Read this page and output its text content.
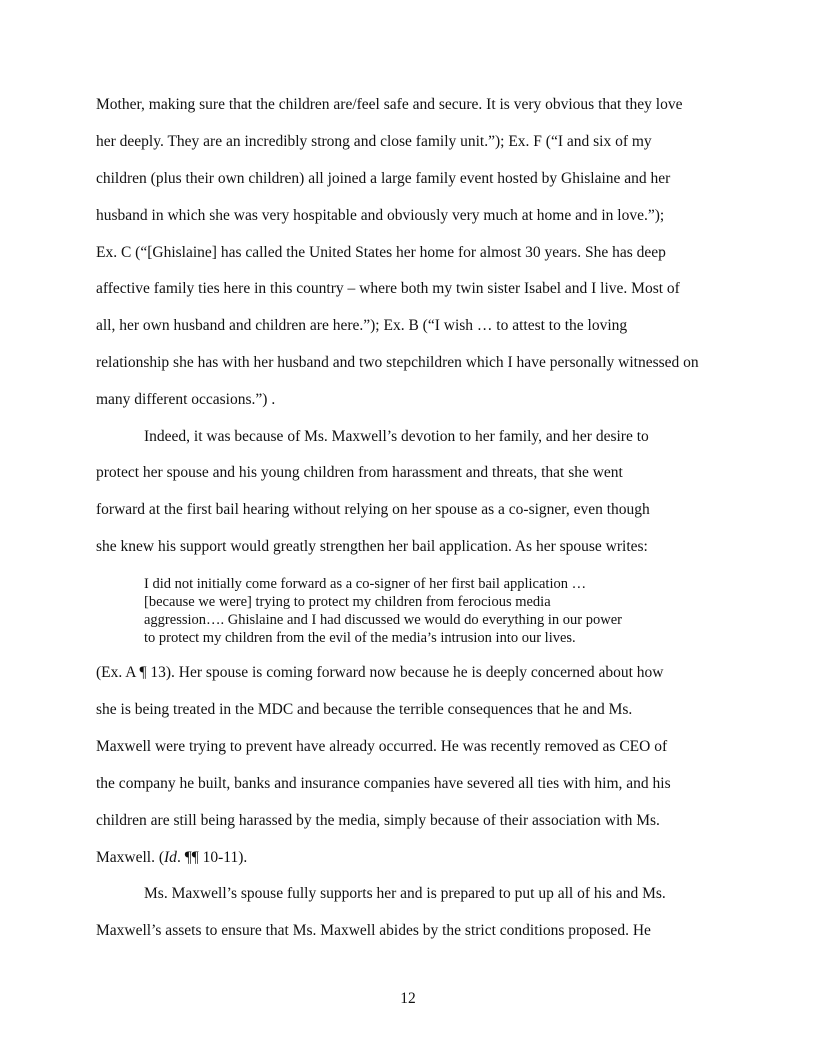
Mother, making sure that the children are/feel safe and secure. It is very obvious that they love
her deeply. They are an incredibly strong and close family unit.”); Ex. F (“I and six of my
children (plus their own children) all joined a large family event hosted by Ghislaine and her
husband in which she was very hospitable and obviously very much at home and in love.”);
Ex. C (“[Ghislaine] has called the United States her home for almost 30 years. She has deep
affective family ties here in this country – where both my twin sister Isabel and I live. Most of
all, her own husband and children are here.”); Ex. B (“I wish … to attest to the loving
relationship she has with her husband and two stepchildren which I have personally witnessed on
many different occasions.”) .
Indeed, it was because of Ms. Maxwell’s devotion to her family, and her desire to
protect her spouse and his young children from harassment and threats, that she went
forward at the first bail hearing without relying on her spouse as a co-signer, even though
she knew his support would greatly strengthen her bail application. As her spouse writes:
I did not initially come forward as a co-signer of her first bail application …
[because we were] trying to protect my children from ferocious media
aggression…. Ghislaine and I had discussed we would do everything in our power
to protect my children from the evil of the media’s intrusion into our lives.
(Ex. A ¶ 13). Her spouse is coming forward now because he is deeply concerned about how
she is being treated in the MDC and because the terrible consequences that he and Ms.
Maxwell were trying to prevent have already occurred. He was recently removed as CEO of
the company he built, banks and insurance companies have severed all ties with him, and his
children are still being harassed by the media, simply because of their association with Ms.
Maxwell. (Id. ¶¶ 10-11).
Ms. Maxwell’s spouse fully supports her and is prepared to put up all of his and Ms.
Maxwell’s assets to ensure that Ms. Maxwell abides by the strict conditions proposed. He
12
